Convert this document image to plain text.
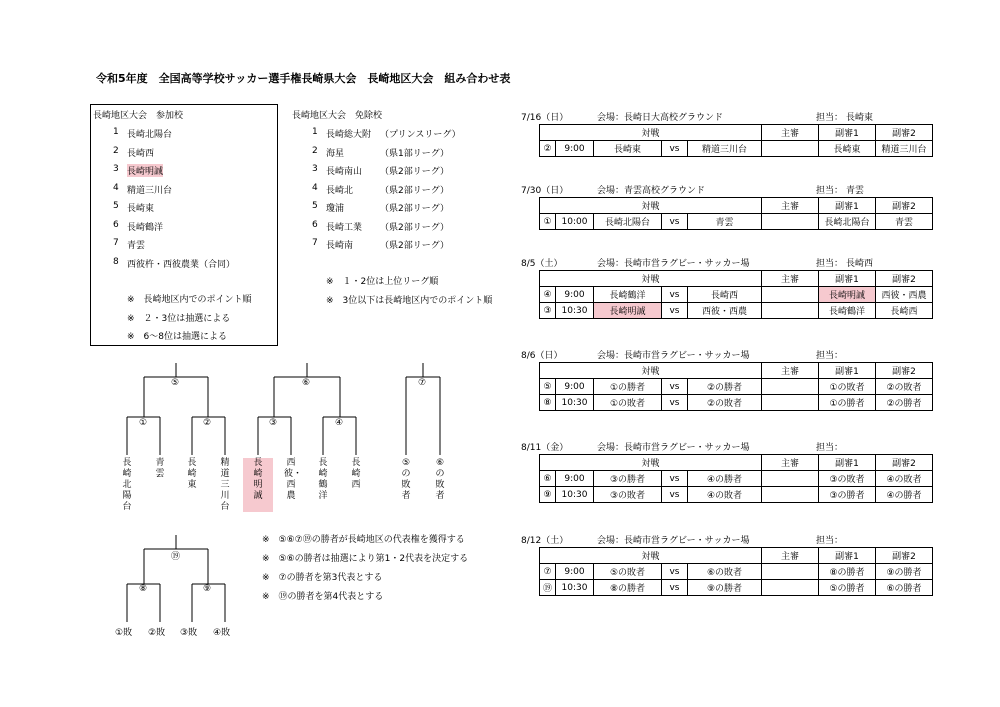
令和5年度　全国高等学校サッカー選手権長崎県大会　長崎地区大会　組み合わせ表
長崎地区大会　参加校
1 長崎北陽台
2 長崎西
3 長崎明誠
4 精道三川台
5 長崎東
6 長崎鶴洋
7 青雲
8 西彼杵・西彼農業（合同）
※　長崎地区内でのポイント順
※　２・3位は抽選による
※　6～8位は抽選による
長崎地区大会　免除校
1 長崎総大附 （プリンスリーグ）
2 海星	（県1部リーグ）
3 長崎南山 （県2部リーグ）
4 長崎北	（県2部リーグ）
5 瓊浦	（県2部リーグ）
6 長崎工業 （県2部リーグ）
7 長崎南	（県2部リーグ）
※　１・2位は上位リーグ順
※　3位以下は長崎地区内でのポイント順
⑤	⑥	⑦
①	②	③	④
長崎北陽台
青雲
長崎東
精道三川台
長崎明誠
西彼・西農
長崎鶴洋
長崎西
⑤の敗者
⑥の敗者
⑲
⑧	⑨
①敗 ②敗 ③敗 ④敗
※　⑤⑥⑦⑲の勝者が長崎地区の代表権を獲得する
※　⑤⑥の勝者は抽選により第1・2代表を決定する
※　⑦の勝者を第3代表とする
※　⑲の勝者を第4代表とする
7/16（日）	会場：長崎日大高校グラウンド	担当： 長崎東
対戦					主審	副審1	副審2
②	9:00	長崎東	vs	精道三川台		長崎東	精道三川台
7/30（日）	会場：青雲高校グラウンド	担当： 青雲
対戦					主審	副審1	副審2
①	10:00	長崎北陽台	vs	青雲		長崎北陽台	青雲
8/5（土）	会場：長崎市営ラグビー・サッカー場	担当： 長崎西
対戦					主審	副審1	副審2
④	9:00	長崎鶴洋	vs	長崎西		長崎明誠	西彼・西農
③	10:30	長崎明誠	vs	西彼・西農		長崎鶴洋	長崎西
8/6（日）	会場：長崎市営ラグビー・サッカー場	担当：
対戦					主審	副審1	副審2
⑤	9:00	①の勝者	vs	②の勝者		①の敗者	②の敗者
⑧	10:30	①の敗者	vs	②の敗者		①の勝者	②の勝者
8/11（金）	会場：長崎市営ラグビー・サッカー場	担当：
対戦					主審	副審1	副審2
⑥	9:00	③の勝者	vs	④の勝者		③の敗者	④の敗者
⑨	10:30	③の敗者	vs	④の敗者		③の勝者	④の勝者
8/12（土）	会場：長崎市営ラグビー・サッカー場	担当：
対戦					主審	副審1	副審2
⑦	9:00	⑤の敗者	vs	⑥の敗者		⑧の勝者	⑨の勝者
⑲	10:30	⑧の勝者	vs	⑨の勝者		⑤の勝者	⑥の勝者
